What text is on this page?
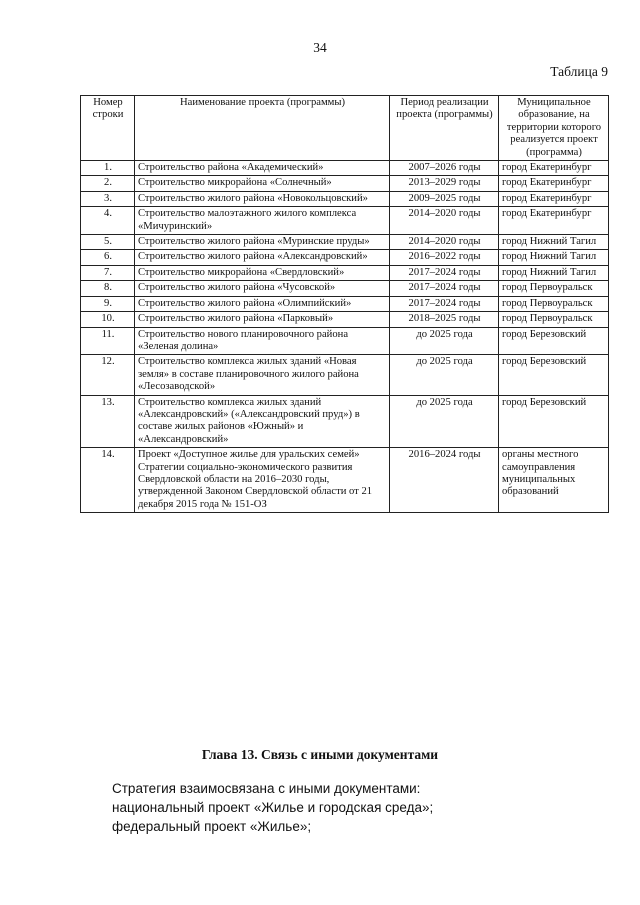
34
Таблица 9
Номер строки	Наименование проекта (программы)	Период реализации проекта (программы)	Муниципальное образование, на территории которого реализуется проект (программа)
1.	Строительство района «Академический»	2007–2026 годы	город Екатеринбург
2.	Строительство микрорайона «Солнечный»	2013–2029 годы	город Екатеринбург
3.	Строительство жилого района «Новокольцовский»	2009–2025 годы	город Екатеринбург
4.	Строительство малоэтажного жилого комплекса «Мичуринский»	2014–2020 годы	город Екатеринбург
5.	Строительство жилого района «Муринские пруды»	2014–2020 годы	город Нижний Тагил
6.	Строительство жилого района «Александровский»	2016–2022 годы	город Нижний Тагил
7.	Строительство микрорайона «Свердловский»	2017–2024 годы	город Нижний Тагил
8.	Строительство жилого района «Чусовской»	2017–2024 годы	город Первоуральск
9.	Строительство жилого района «Олимпийский»	2017–2024 годы	город Первоуральск
10.	Строительство жилого района «Парковый»	2018–2025 годы	город Первоуральск
11.	Строительство нового планировочного района «Зеленая долина»	до 2025 года	город Березовский
12.	Строительство комплекса жилых зданий «Новая земля» в составе планировочного жилого района «Лесозаводской»	до 2025 года	город Березовский
13.	Строительство комплекса жилых зданий «Александровский» («Александровский пруд») в составе жилых районов «Южный» и «Александровский»	до 2025 года	город Березовский
14.	Проект «Доступное жилье для уральских семей» Стратегии социально-экономического развития Свердловской области на 2016–2030 годы, утвержденной Законом Свердловской области от 21 декабря 2015 года № 151-ОЗ	2016–2024 годы	органы местного самоуправления муниципальных образований
Глава 13. Связь с иными документами

Стратегия взаимосвязана с иными документами:

национальный проект «Жилье и городская среда»;

федеральный проект «Жилье»;
